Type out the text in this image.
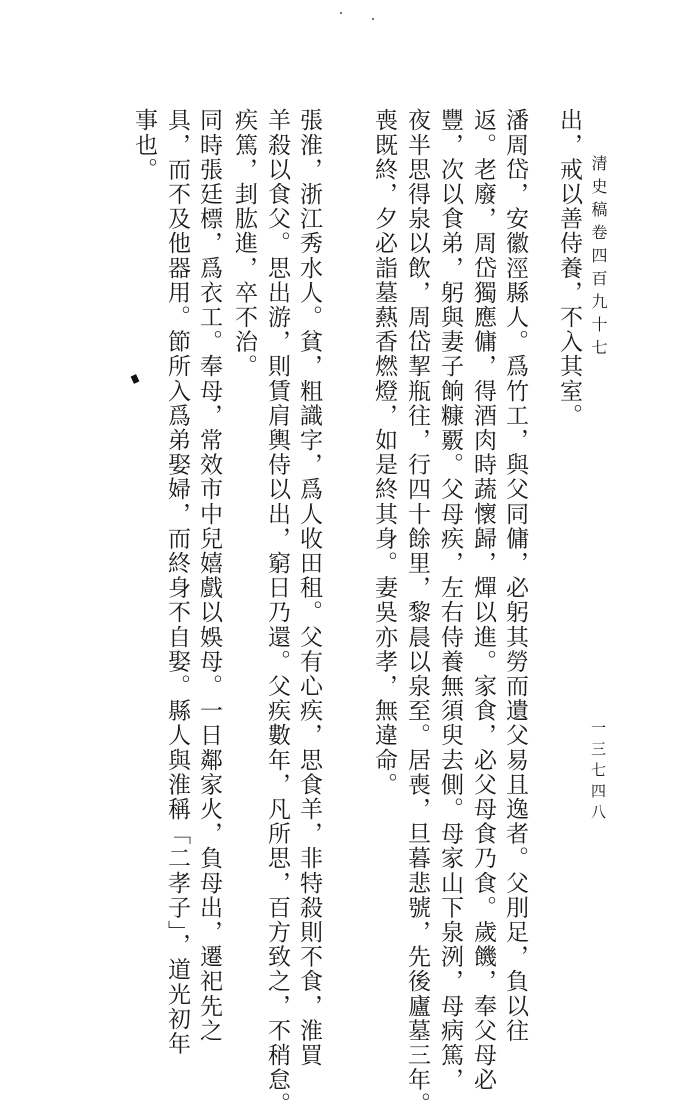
清史稿卷四百九十七
一三七四八
出，戒以善侍養，不入其室。
潘周岱，安徽涇縣人。爲竹工，與父同傭，必躬其勞而遺父易且逸者。父刖足，負以往
返。老廢，周岱獨應傭，得酒肉時蔬懷歸，燀以進。家食，必父母食乃食。歲饑，奉父母必
豐，次以食弟，躬與妻子餉糠覈。父母疾，左右侍養無須臾去側。母家山下泉洌，母病篤，
夜半思得泉以飲，周岱挈瓶往，行四十餘里，黎晨以泉至。居喪，旦暮悲號，先後廬墓三年。
喪既終，夕必詣墓爇香燃燈，如是終其身。妻吳亦孝，無違命。
張淮，浙江秀水人。貧，粗識字，爲人收田租。父有心疾，思食羊，非特殺則不食，淮買
羊殺以食父。思出游，則賃肩輿侍以出，窮日乃還。父疾數年，凡所思，百方致之，不稍怠。
疾篤，刲肱進，卒不治。
同時張廷標，爲衣工。奉母，常效市中兒嬉戲以娛母。一日鄰家火，負母出，遷祀先之
具，而不及他器用。節所入爲弟娶婦，而終身不自娶。縣人與淮稱「二孝子」，道光初年
事也。
